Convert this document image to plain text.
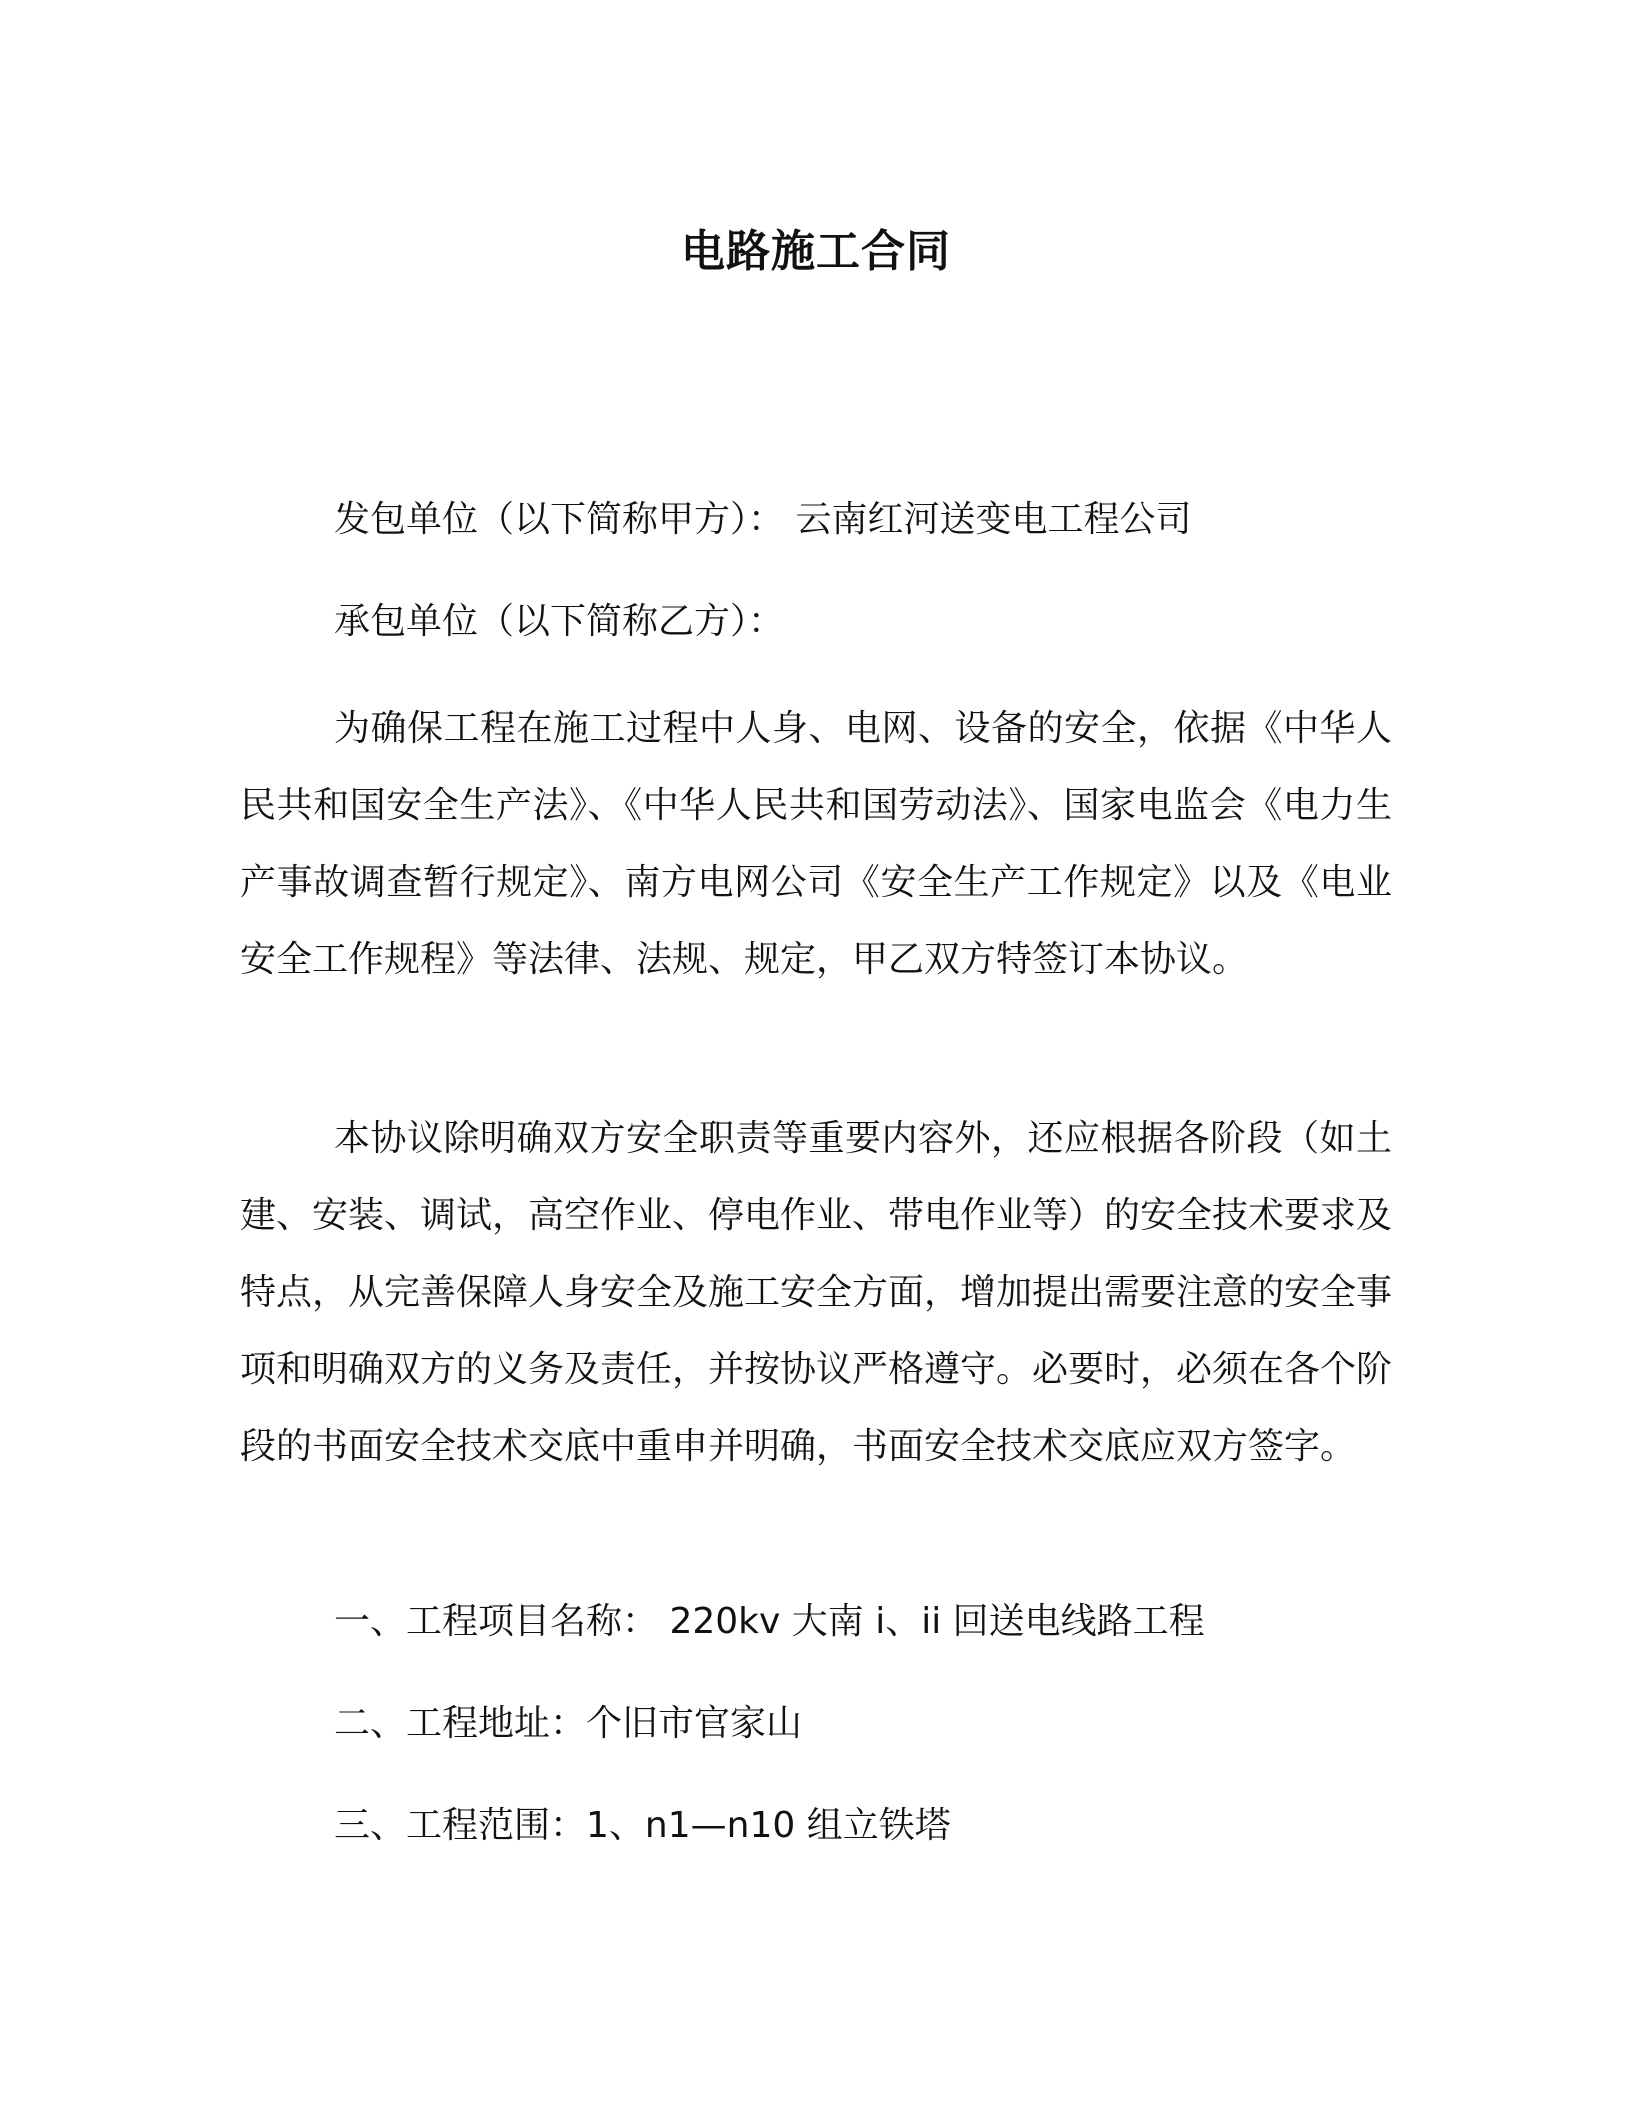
电路施工合同
发包单位（以下简称甲方）： 云南红河送变电工程公司
承包单位（以下简称乙方）：

为确保工程在施工过程中人身、电网、设备的安全，依据《中华人民共和国安全生产法》、《中华人民共和国劳动法》、国家电监会《电力生产事故调查暂行规定》、南方电网公司《安全生产工作规定》以及《电业安全工作规程》等法律、法规、规定，甲乙双方特签订本协议。

本协议除明确双方安全职责等重要内容外，还应根据各阶段（如土建、安装、调试，高空作业、停电作业、带电作业等）的安全技术要求及特点，从完善保障人身安全及施工安全方面，增加提出需要注意的安全事项和明确双方的义务及责任，并按协议严格遵守。必要时，必须在各个阶段的书面安全技术交底中重申并明确，书面安全技术交底应双方签字。

一、工程项目名称： 220kv 大南 i、ii 回送电线路工程
二、工程地址：个旧市官家山
三、工程范围：1、n1—n10 组立铁塔
